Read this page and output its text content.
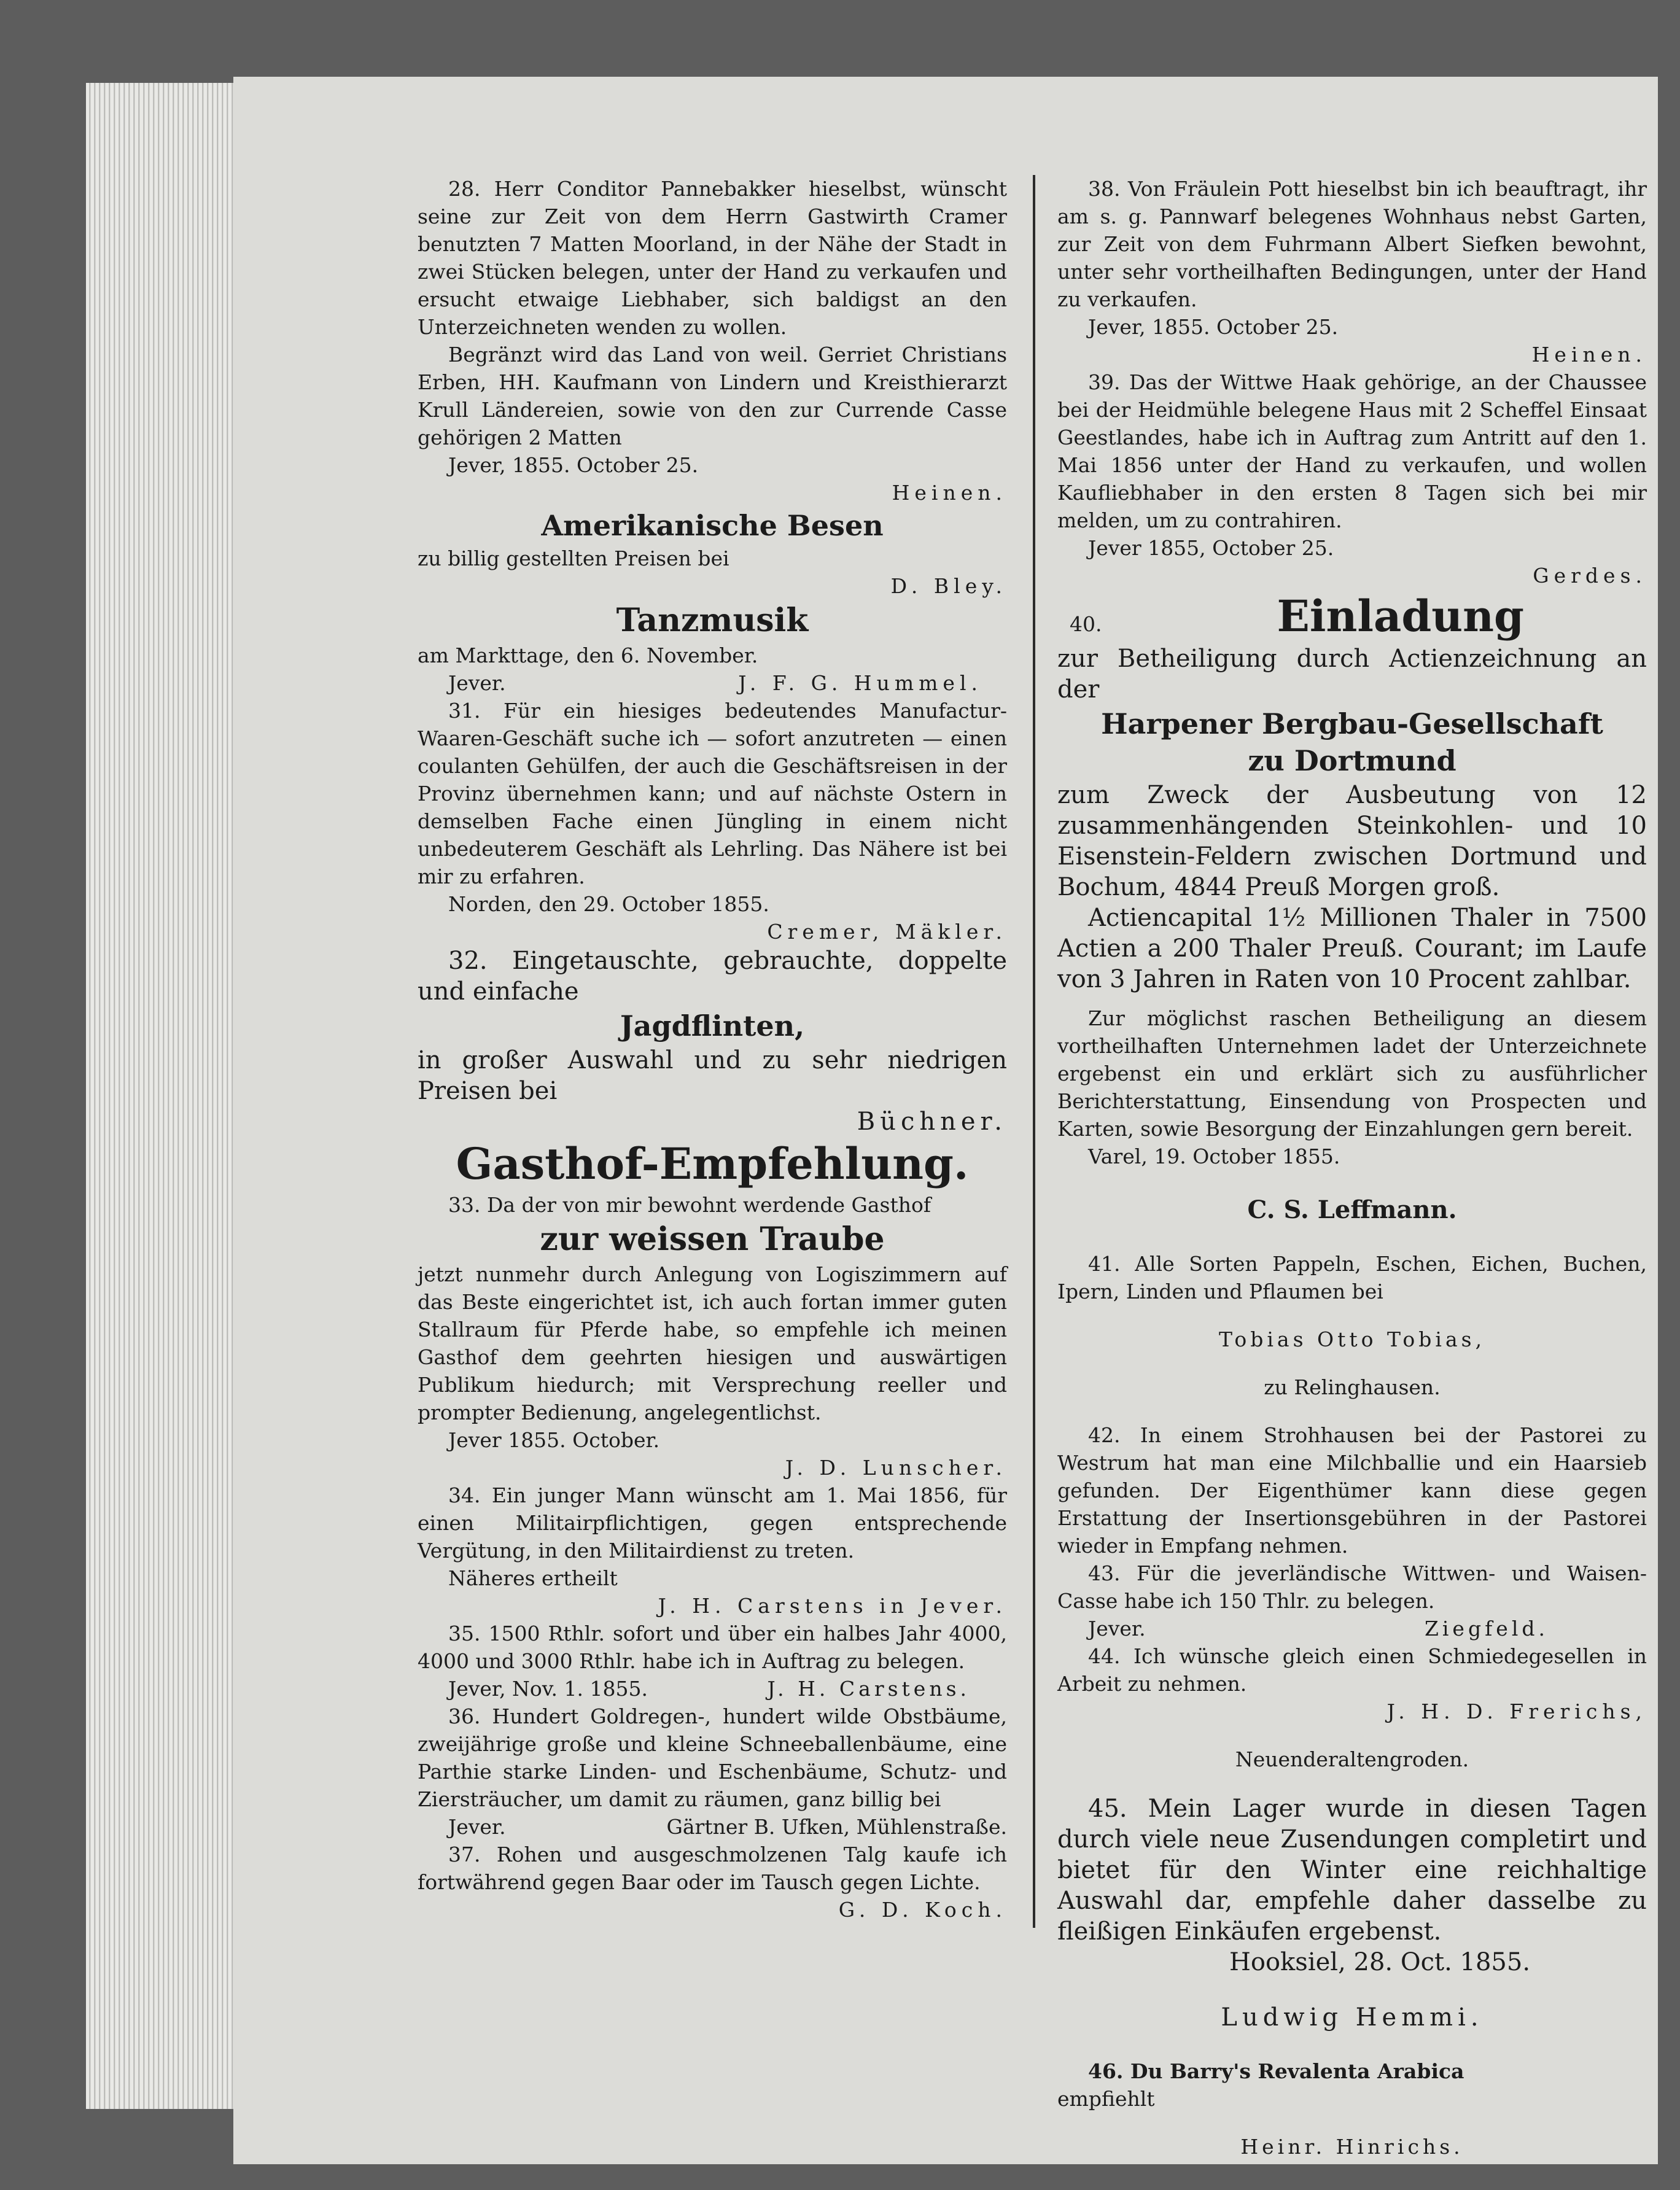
28. Herr Conditor Pannebakker hieselbst, wünscht seine zur Zeit von dem Herrn Gastwirth Cramer benutzten 7 Matten Moorland, in der Nähe der Stadt in zwei Stücken belegen, unter der Hand zu verkaufen und ersucht etwaige Liebhaber, sich baldigst an den Unterzeichneten wenden zu wollen.

Begränzt wird das Land von weil. Gerriet Christians Erben, HH. Kaufmann von Lindern und Kreisthierarzt Krull Ländereien, sowie von den zur Currende Casse gehörigen 2 Matten

Jever, 1855. October 25.

Heinen.

Amerikanische Besen

zu billig gestellten Preisen bei

D. Bley.

Tanzmusik

am Markttage, den 6. November.

Jever.	J. F. G. Hummel.

31. Für ein hiesiges bedeutendes Manufactur-Waaren-Geschäft suche ich — sofort anzutreten — einen coulanten Gehülfen, der auch die Geschäftsreisen in der Provinz übernehmen kann; und auf nächste Ostern in demselben Fache einen Jüngling in einem nicht unbedeuterem Geschäft als Lehrling. Das Nähere ist bei mir zu erfahren.

Norden, den 29. October 1855.

Cremer, Mäkler.

32. Eingetauschte, gebrauchte, doppelte und einfache

Jagdflinten,

in großer Auswahl und zu sehr niedrigen Preisen bei

Büchner.

Gasthof-Empfehlung.

33. Da der von mir bewohnt werdende Gasthof

zur weissen Traube

jetzt nunmehr durch Anlegung von Logiszimmern auf das Beste eingerichtet ist, ich auch fortan immer guten Stallraum für Pferde habe, so empfehle ich meinen Gasthof dem geehrten hiesigen und auswärtigen Publikum hiedurch; mit Versprechung reeller und prompter Bedienung, angelegentlichst.

Jever 1855. October.

J. D. Lunscher.

34. Ein junger Mann wünscht am 1. Mai 1856, für einen Militairpflichtigen, gegen entsprechende Vergütung, in den Militairdienst zu treten.

Näheres ertheilt

J. H. Carstens in Jever.

35. 1500 Rthlr. sofort und über ein halbes Jahr 4000, 4000 und 3000 Rthlr. habe ich in Auftrag zu belegen.

Jever, Nov. 1. 1855.	J. H. Carstens.

36. Hundert Goldregen-, hundert wilde Obstbäume, zweijährige große und kleine Schneeballenbäume, eine Parthie starke Linden- und Eschenbäume, Schutz- und Ziersträucher, um damit zu räumen, ganz billig bei

Jever.	Gärtner B. Ufken, Mühlenstraße.

37. Rohen und ausgeschmolzenen Talg kaufe ich fortwährend gegen Baar oder im Tausch gegen Lichte.

G. D. Koch.

38. Von Fräulein Pott hieselbst bin ich beauftragt, ihr am s. g. Pannwarf belegenes Wohnhaus nebst Garten, zur Zeit von dem Fuhrmann Albert Siefken bewohnt, unter sehr vortheilhaften Bedingungen, unter der Hand zu verkaufen.

Jever, 1855. October 25.

Heinen.

39. Das der Wittwe Haak gehörige, an der Chaussee bei der Heidmühle belegene Haus mit 2 Scheffel Einsaat Geestlandes, habe ich in Auftrag zum Antritt auf den 1. Mai 1856 unter der Hand zu verkaufen, und wollen Kaufliebhaber in den ersten 8 Tagen sich bei mir melden, um zu contrahiren.

Jever 1855, October 25.

Gerdes.

40.	Einladung

zur Betheiligung durch Actienzeichnung an der

Harpener Bergbau-Gesellschaft

zu Dortmund

zum Zweck der Ausbeutung von 12 zusammenhängenden Steinkohlen- und 10 Eisenstein-Feldern zwischen Dortmund und Bochum, 4844 Preuß Morgen groß.

Actiencapital 1½ Millionen Thaler in 7500 Actien a 200 Thaler Preuß. Courant; im Laufe von 3 Jahren in Raten von 10 Procent zahlbar.

Zur möglichst raschen Betheiligung an diesem vortheilhaften Unternehmen ladet der Unterzeichnete ergebenst ein und erklärt sich zu ausführlicher Berichterstattung, Einsendung von Prospecten und Karten, sowie Besorgung der Einzahlungen gern bereit.

Varel, 19. October 1855.

C. S. Leffmann.

41. Alle Sorten Pappeln, Eschen, Eichen, Buchen, Ipern, Linden und Pflaumen bei

Tobias Otto Tobias,

zu Relinghausen.

42. In einem Strohhausen bei der Pastorei zu Westrum hat man eine Milchballie und ein Haarsieb gefunden. Der Eigenthümer kann diese gegen Erstattung der Insertionsgebühren in der Pastorei wieder in Empfang nehmen.

43. Für die jeverländische Wittwen- und Waisen-Casse habe ich 150 Thlr. zu belegen.

Jever.	Ziegfeld.

44. Ich wünsche gleich einen Schmiedegesellen in Arbeit zu nehmen.

J. H. D. Frerichs,

Neuenderaltengroden.

45. Mein Lager wurde in diesen Tagen durch viele neue Zusendungen completirt und bietet für den Winter eine reichhaltige Auswahl dar, empfehle daher dasselbe zu fleißigen Einkäufen ergebenst.

Hooksiel, 28. Oct. 1855.

Ludwig Hemmi.

46. Du Barry's Revalenta Arabica

empfiehlt

Heinr. Hinrichs.
